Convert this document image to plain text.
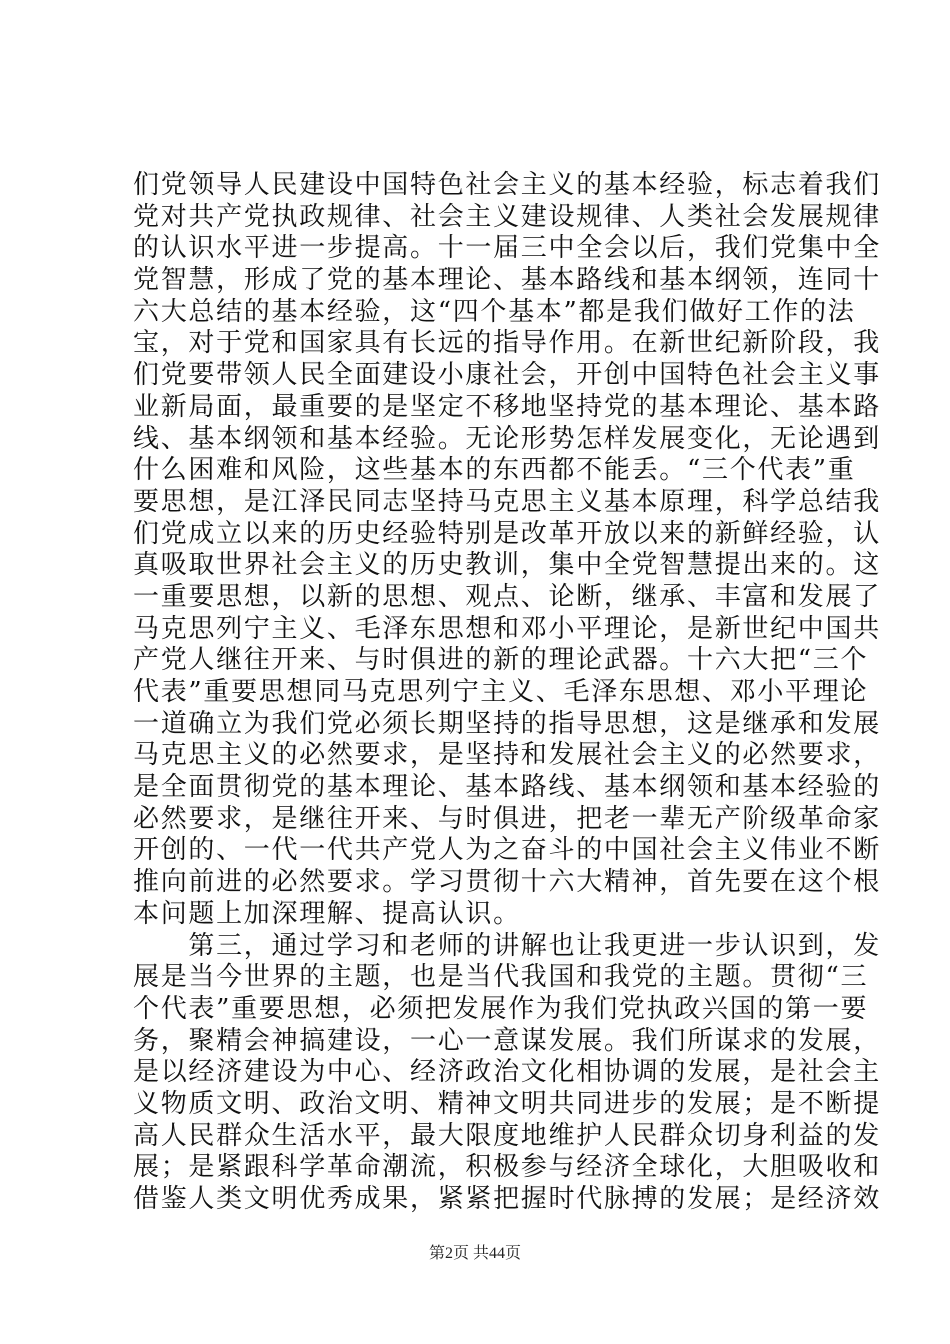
们党领导人民建设中国特色社会主义的基本经验，标志着我们
党对共产党执政规律、社会主义建设规律、人类社会发展规律
的认识水平进一步提高。十一届三中全会以后，我们党集中全
党智慧，形成了党的基本理论、基本路线和基本纲领，连同十
六大总结的基本经验，这“四个基本”都是我们做好工作的法
宝，对于党和国家具有长远的指导作用。在新世纪新阶段，我
们党要带领人民全面建设小康社会，开创中国特色社会主义事
业新局面，最重要的是坚定不移地坚持党的基本理论、基本路
线、基本纲领和基本经验。无论形势怎样发展变化，无论遇到
什么困难和风险，这些基本的东西都不能丢。“三个代表”重
要思想，是江泽民同志坚持马克思主义基本原理，科学总结我
们党成立以来的历史经验特别是改革开放以来的新鲜经验，认
真吸取世界社会主义的历史教训，集中全党智慧提出来的。这
一重要思想，以新的思想、观点、论断，继承、丰富和发展了
马克思列宁主义、毛泽东思想和邓小平理论，是新世纪中国共
产党人继往开来、与时俱进的新的理论武器。十六大把“三个
代表”重要思想同马克思列宁主义、毛泽东思想、邓小平理论
一道确立为我们党必须长期坚持的指导思想，这是继承和发展
马克思主义的必然要求，是坚持和发展社会主义的必然要求，
是全面贯彻党的基本理论、基本路线、基本纲领和基本经验的
必然要求，是继往开来、与时俱进，把老一辈无产阶级革命家
开创的、一代一代共产党人为之奋斗的中国社会主义伟业不断
推向前进的必然要求。学习贯彻十六大精神，首先要在这个根
本问题上加深理解、提高认识。
　　第三，通过学习和老师的讲解也让我更进一步认识到，发
展是当今世界的主题，也是当代我国和我党的主题。贯彻“三
个代表”重要思想，必须把发展作为我们党执政兴国的第一要
务，聚精会神搞建设，一心一意谋发展。我们所谋求的发展，
是以经济建设为中心、经济政治文化相协调的发展，是社会主
义物质文明、政治文明、精神文明共同进步的发展；是不断提
高人民群众生活水平，最大限度地维护人民群众切身利益的发
展；是紧跟科学革命潮流，积极参与经济全球化，大胆吸收和
借鉴人类文明优秀成果，紧紧把握时代脉搏的发展；是经济效
第2页 共44页
